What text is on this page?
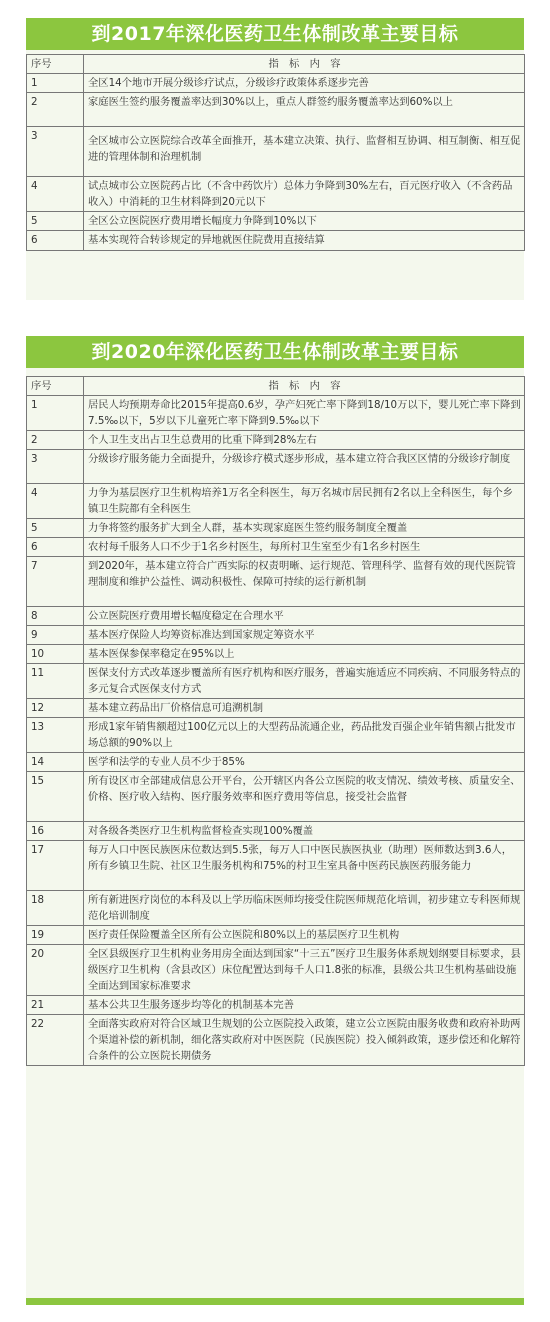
到2017年深化医药卫生体制改革主要目标
序号	指　标　内　容
1	全区14个地市开展分级诊疗试点，分级诊疗政策体系逐步完善
2	家庭医生签约服务覆盖率达到30%以上，重点人群签约服务覆盖率达到60%以上
3	全区城市公立医院综合改革全面推开，基本建立决策、执行、监督相互协调、相互制衡、相互促进的管理体制和治理机制
4	试点城市公立医院药占比（不含中药饮片）总体力争降到30%左右，百元医疗收入（不含药品收入）中消耗的卫生材料降到20元以下
5	全区公立医院医疗费用增长幅度力争降到10%以下
6	基本实现符合转诊规定的异地就医住院费用直接结算
到2020年深化医药卫生体制改革主要目标
序号	指　标　内　容
1	居民人均预期寿命比2015年提高0.6岁，孕产妇死亡率下降到18/10万以下，婴儿死亡率下降到7.5‰以下，5岁以下儿童死亡率下降到9.5‰以下
2	个人卫生支出占卫生总费用的比重下降到28%左右
3	分级诊疗服务能力全面提升，分级诊疗模式逐步形成，基本建立符合我区区情的分级诊疗制度
4	力争为基层医疗卫生机构培养1万名全科医生，每万名城市居民拥有2名以上全科医生，每个乡镇卫生院都有全科医生
5	力争将签约服务扩大到全人群，基本实现家庭医生签约服务制度全覆盖
6	农村每千服务人口不少于1名乡村医生，每所村卫生室至少有1名乡村医生
7	到2020年，基本建立符合广西实际的权责明晰、运行规范、管理科学、监督有效的现代医院管理制度和维护公益性、调动积极性、保障可持续的运行新机制
8	公立医院医疗费用增长幅度稳定在合理水平
9	基本医疗保险人均筹资标准达到国家规定筹资水平
10	基本医保参保率稳定在95%以上
11	医保支付方式改革逐步覆盖所有医疗机构和医疗服务，普遍实施适应不同疾病、不同服务特点的多元复合式医保支付方式
12	基本建立药品出厂价格信息可追溯机制
13	形成1家年销售额超过100亿元以上的大型药品流通企业，药品批发百强企业年销售额占批发市场总额的90%以上
14	医学和法学的专业人员不少于85%
15	所有设区市全部建成信息公开平台，公开辖区内各公立医院的收支情况、绩效考核、质量安全、价格、医疗收入结构、医疗服务效率和医疗费用等信息，接受社会监督
16	对各级各类医疗卫生机构监督检查实现100%覆盖
17	每万人口中医民族医床位数达到5.5张，每万人口中医民族医执业（助理）医师数达到3.6人，所有乡镇卫生院、社区卫生服务机构和75%的村卫生室具备中医药民族医药服务能力
18	所有新进医疗岗位的本科及以上学历临床医师均接受住院医师规范化培训，初步建立专科医师规范化培训制度
19	医疗责任保险覆盖全区所有公立医院和80%以上的基层医疗卫生机构
20	全区县级医疗卫生机构业务用房全面达到国家“十三五”医疗卫生服务体系规划纲要目标要求，县级医疗卫生机构（含县改区）床位配置达到每千人口1.8张的标准，县级公共卫生机构基础设施全面达到国家标准要求
21	基本公共卫生服务逐步均等化的机制基本完善
22	全面落实政府对符合区域卫生规划的公立医院投入政策，建立公立医院由服务收费和政府补助两个渠道补偿的新机制，细化落实政府对中医医院（民族医院）投入倾斜政策，逐步偿还和化解符合条件的公立医院长期债务
